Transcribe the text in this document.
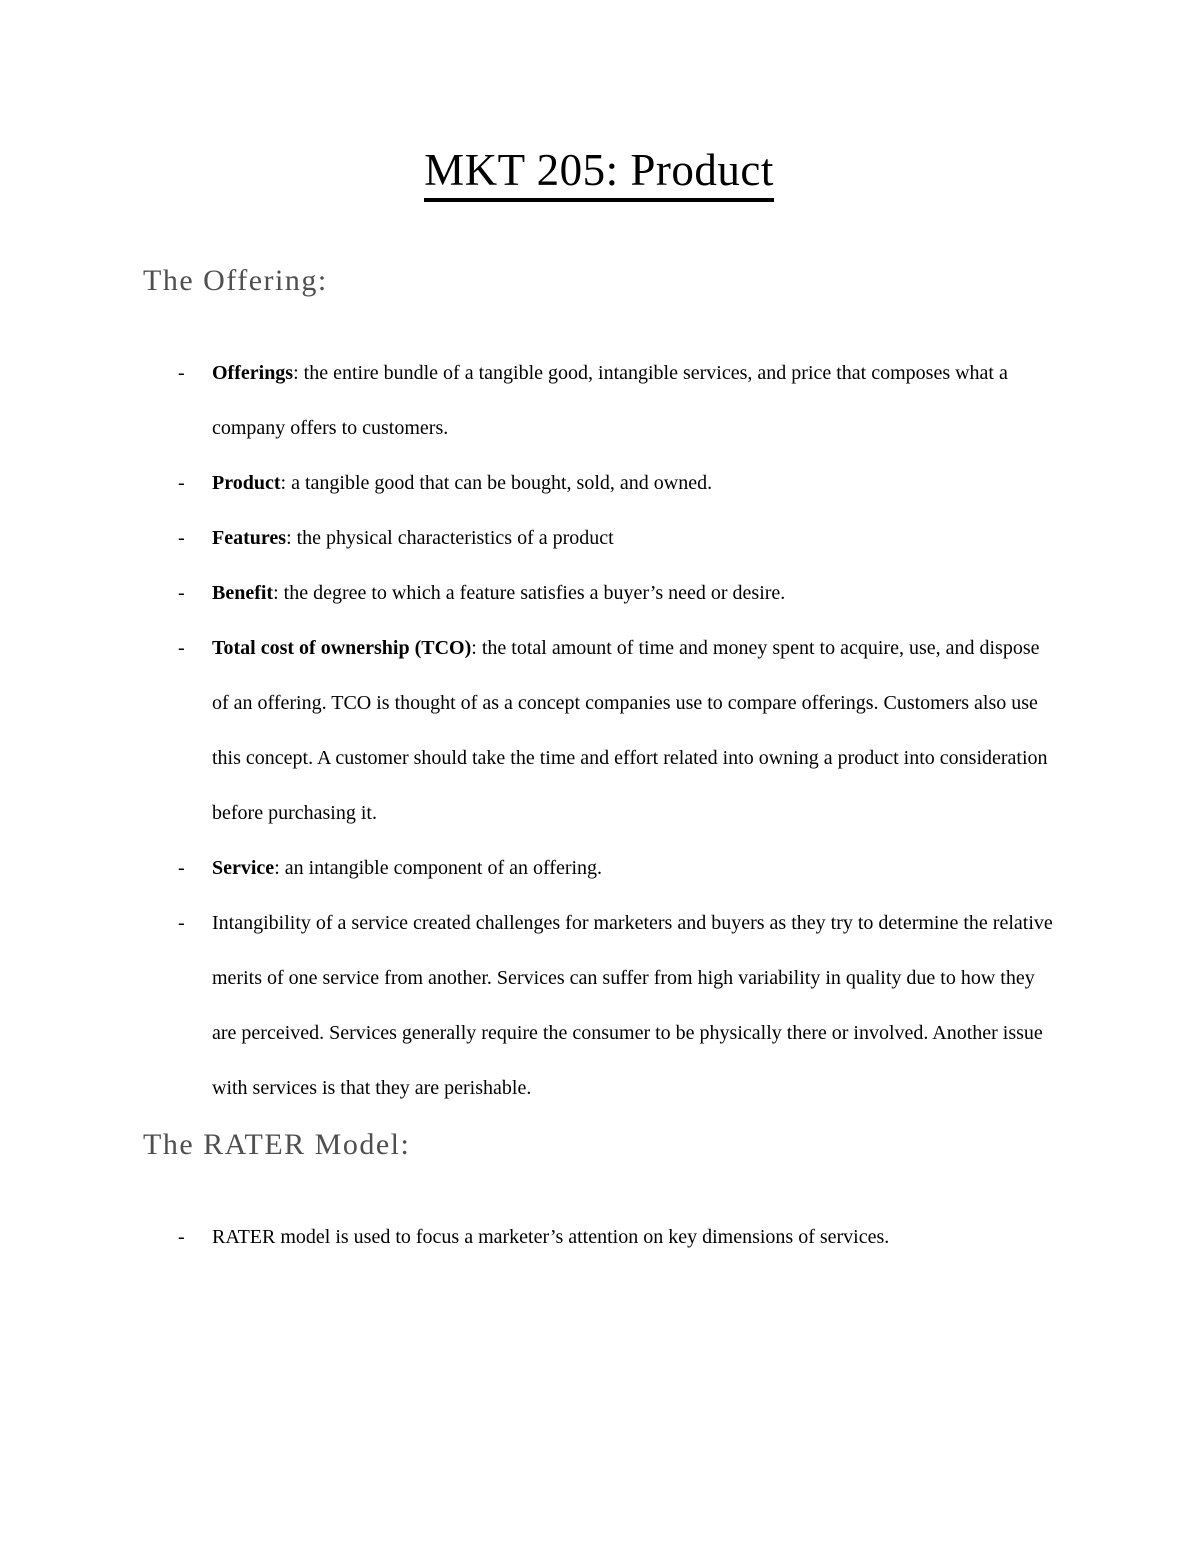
MKT 205: Product
The Offering:
- Offerings: the entire bundle of a tangible good, intangible services, and price that composes what a company offers to customers.
- Product: a tangible good that can be bought, sold, and owned.
- Features: the physical characteristics of a product
- Benefit: the degree to which a feature satisfies a buyer’s need or desire.
- Total cost of ownership (TCO): the total amount of time and money spent to acquire, use, and dispose of an offering. TCO is thought of as a concept companies use to compare offerings. Customers also use this concept. A customer should take the time and effort related into owning a product into consideration before purchasing it.
- Service: an intangible component of an offering.
- Intangibility of a service created challenges for marketers and buyers as they try to determine the relative merits of one service from another. Services can suffer from high variability in quality due to how they are perceived. Services generally require the consumer to be physically there or involved. Another issue with services is that they are perishable.
The RATER Model:
- RATER model is used to focus a marketer’s attention on key dimensions of services.
